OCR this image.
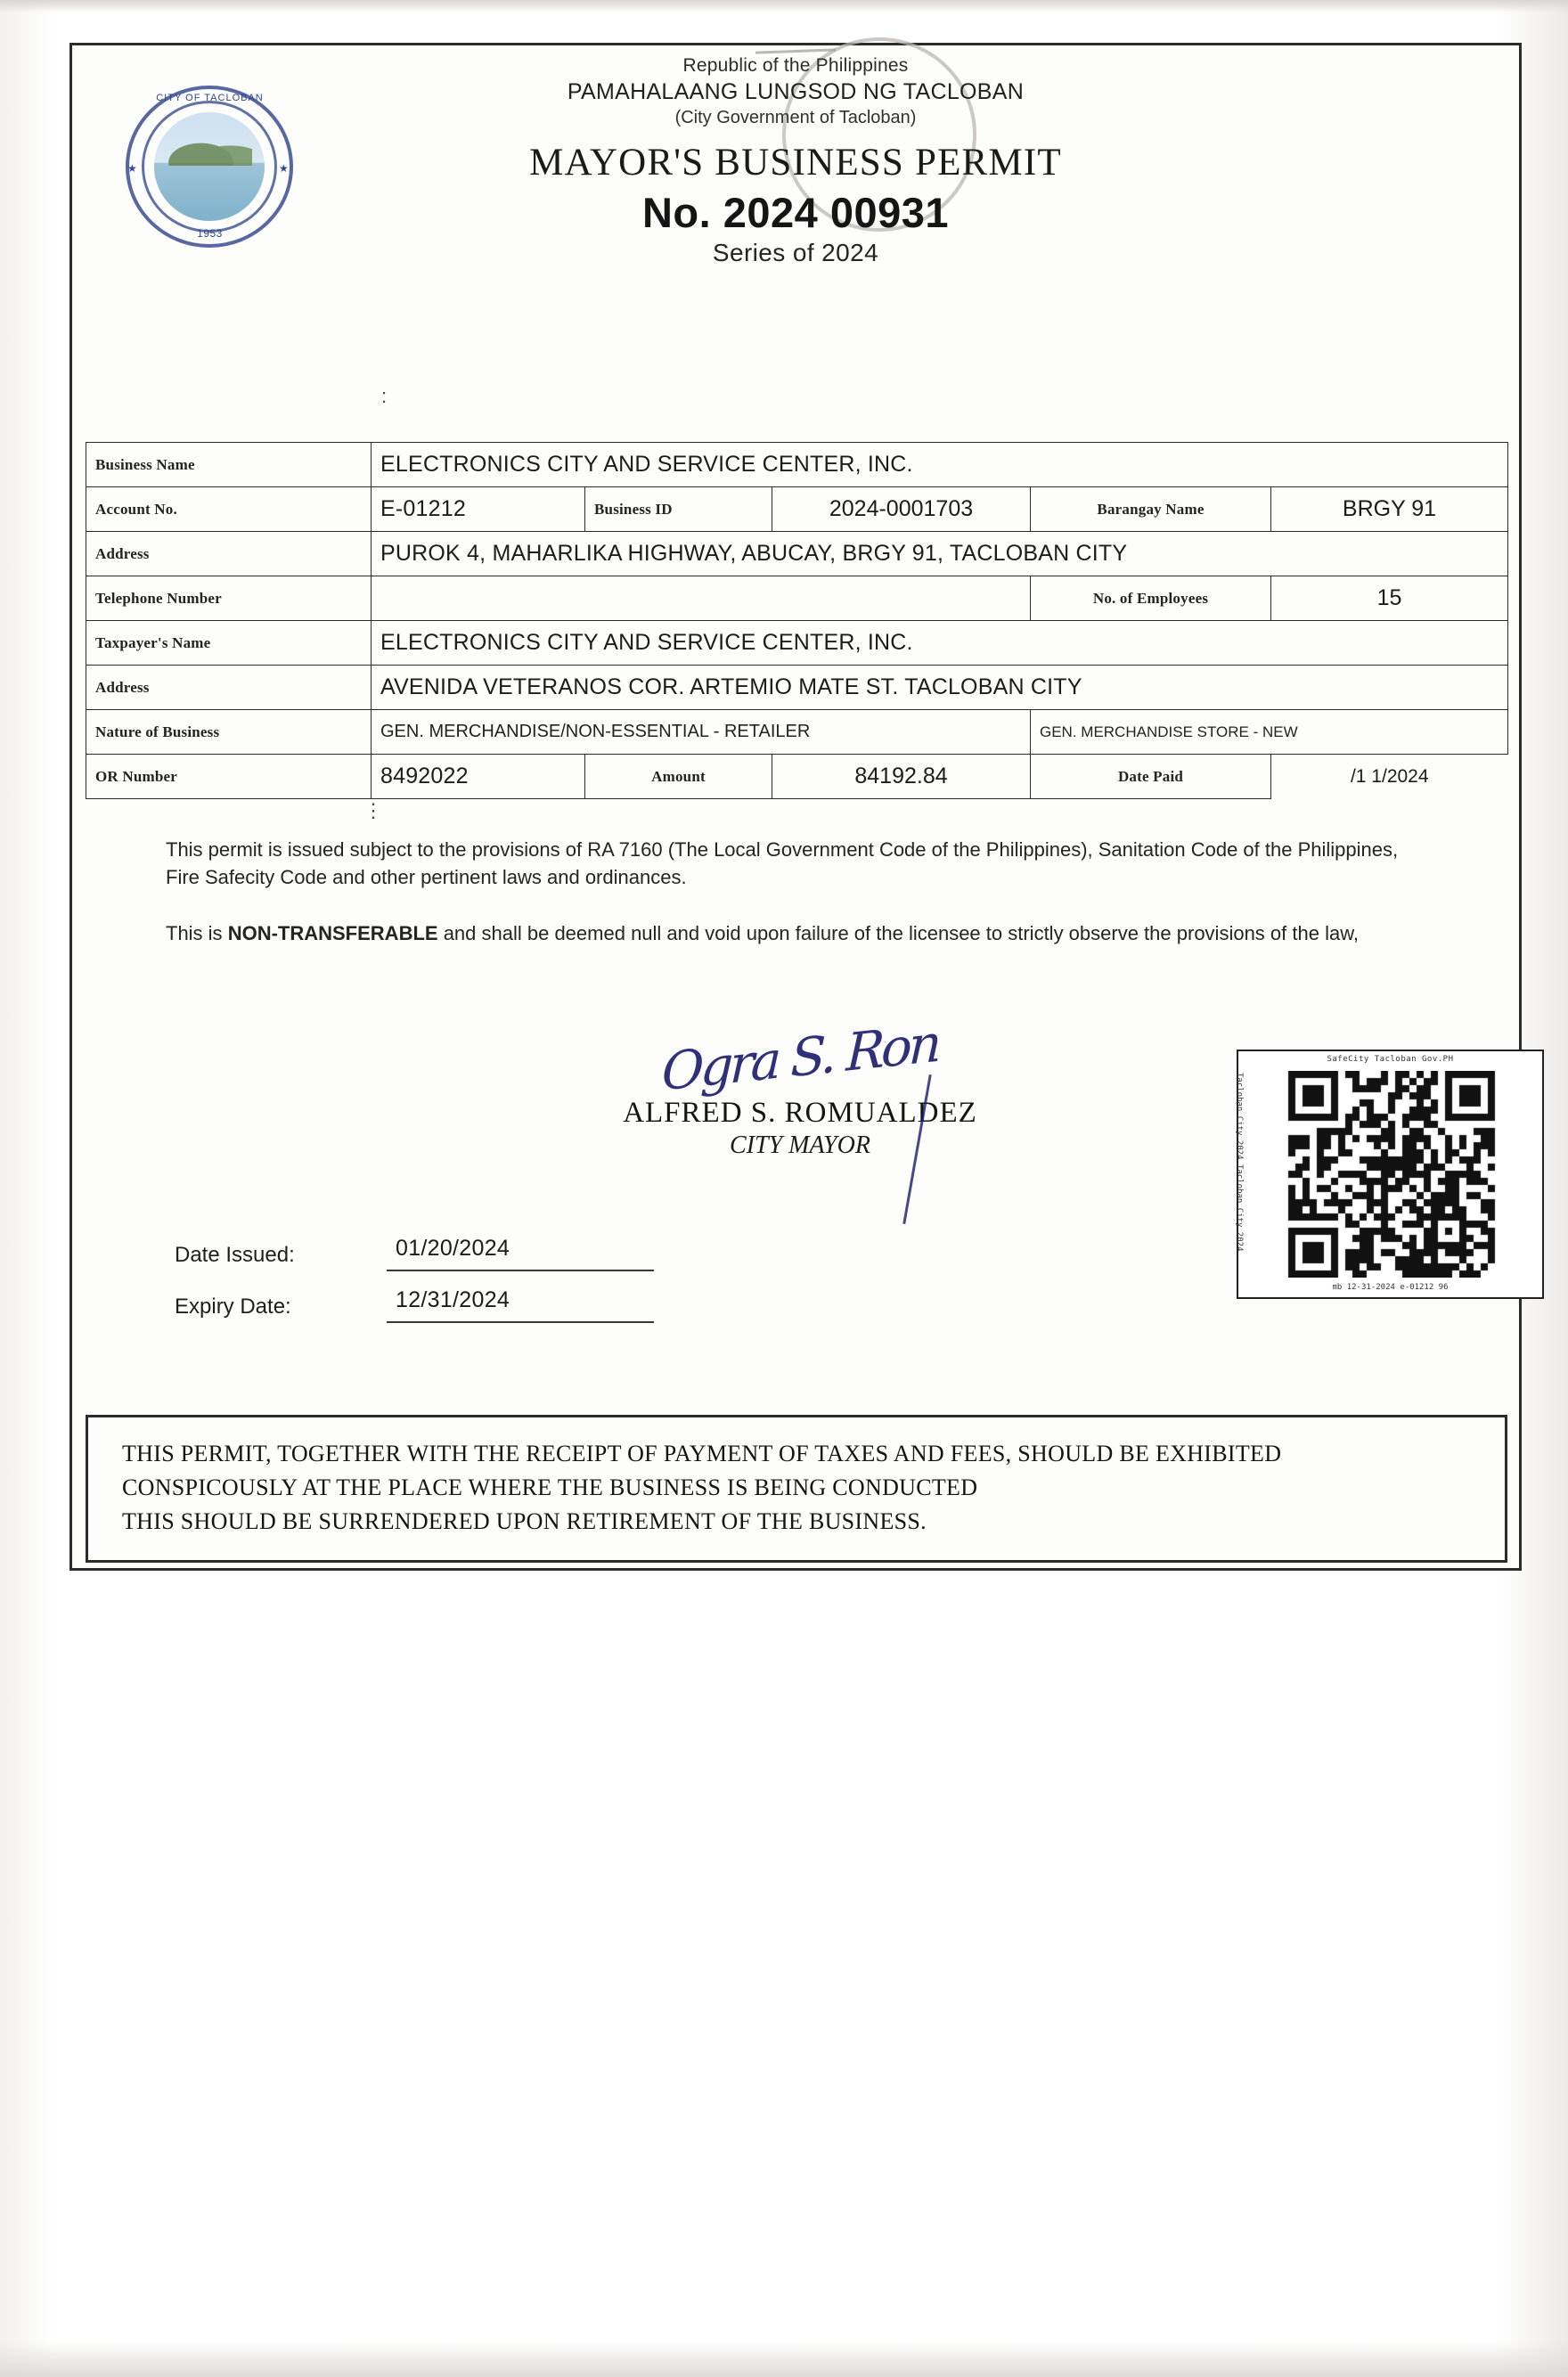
CITY OF TACLOBAN
1953
★	★
Republic of the Philippines
PAMAHALAANG LUNGSOD NG TACLOBAN
(City Government of Tacloban)
MAYOR'S BUSINESS PERMIT
No. 2024 00931
Series of 2024
:
⋮
Business Name	ELECTRONICS CITY AND SERVICE CENTER, INC.				
Account No.	E-01212	Business ID	2024-0001703	Barangay Name	BRGY 91
Address	PUROK 4, MAHARLIKA HIGHWAY, ABUCAY, BRGY 91, TACLOBAN CITY				
Telephone Number				No. of Employees	15
Taxpayer's Name	ELECTRONICS CITY AND SERVICE CENTER, INC.				
Address	AVENIDA VETERANOS COR. ARTEMIO MATE ST. TACLOBAN CITY				
Nature of Business	GEN. MERCHANDISE/NON-ESSENTIAL - RETAILER			GEN. MERCHANDISE STORE - NEW	
OR Number	8492022	Amount	84192.84	Date Paid	/1 1/2024

This permit is issued subject to the provisions of RA 7160 (The Local Government Code of the Philippines), Sanitation Code of the Philippines, Fire Safecity Code and other pertinent laws and ordinances.

This is NON-TRANSFERABLE and shall be deemed null and void upon failure of the licensee to strictly observe the provisions of the law,

Ogra S. Ron
ALFRED S. ROMUALDEZ
CITY MAYOR
SafeCity Tacloban Gov.PH
Tacloban City 2024 Tacloban City 2024
mb 12-31-2024 e-01212 96
Date Issued:	01/20/2024
Expiry Date:	12/31/2024
THIS PERMIT, TOGETHER WITH THE RECEIPT OF PAYMENT OF TAXES AND FEES, SHOULD BE EXHIBITED
CONSPICOUSLY AT THE PLACE WHERE THE BUSINESS IS BEING CONDUCTED
THIS SHOULD BE SURRENDERED UPON RETIREMENT OF THE BUSINESS.
